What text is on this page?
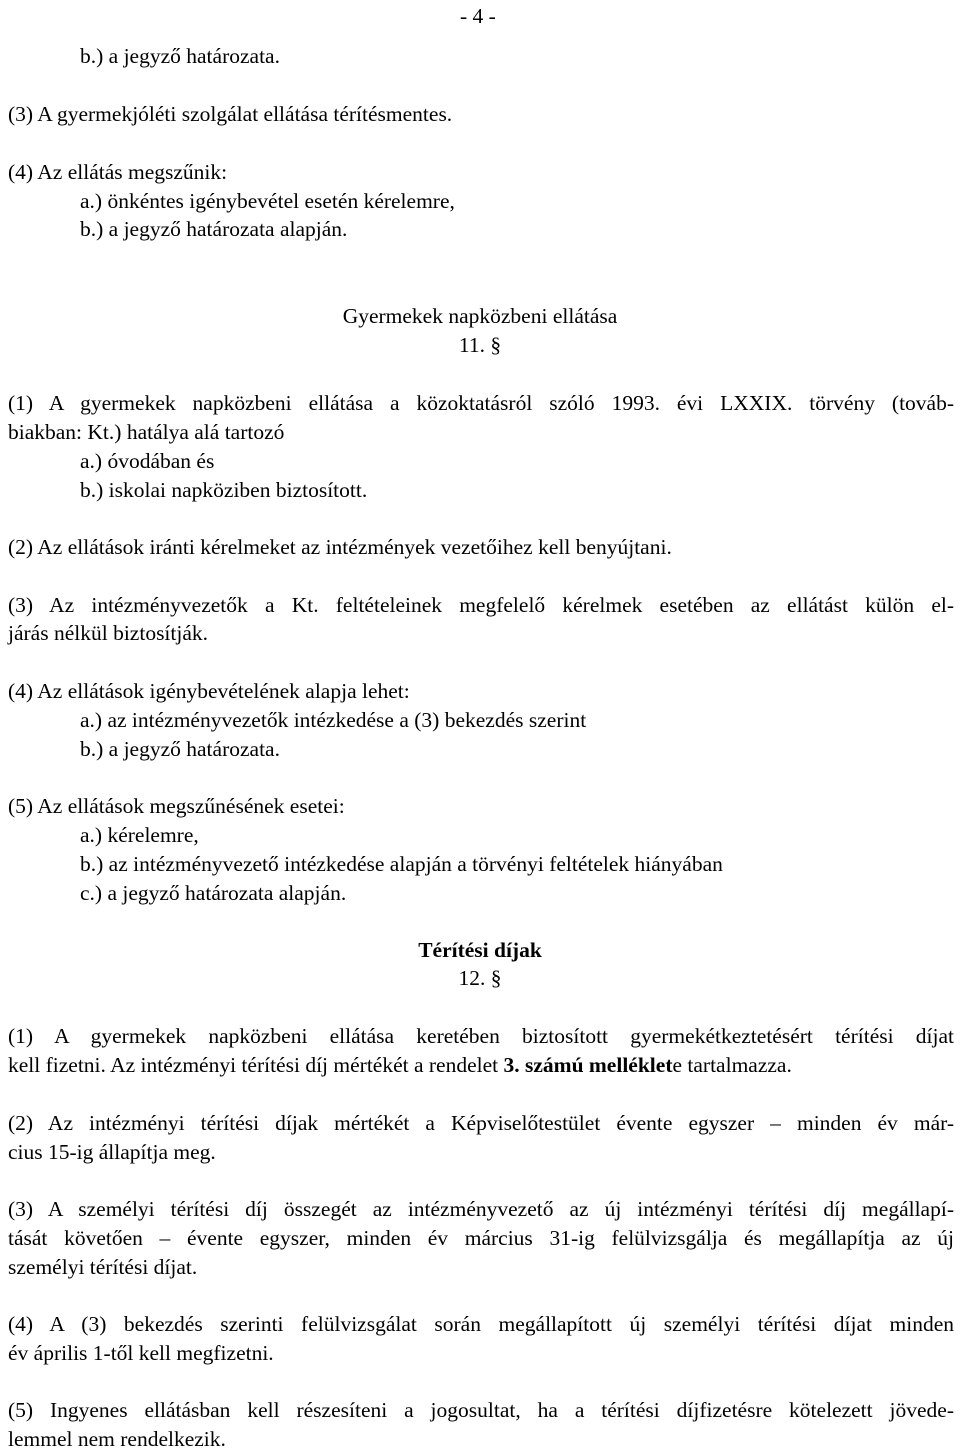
- 4 -
b.) a jegyző határozata.
(3) A gyermekjóléti szolgálat ellátása térítésmentes.
(4) Az ellátás megszűnik:
a.) önkéntes igénybevétel esetén kérelemre,
b.) a jegyző határozata alapján.
Gyermekek napközbeni ellátása
11. §
(1) A gyermekek napközbeni ellátása a közoktatásról szóló 1993. évi LXXIX. törvény (továb-
biakban: Kt.) hatálya alá tartozó
a.) óvodában és
b.) iskolai napköziben biztosított.
(2) Az ellátások iránti kérelmeket az intézmények vezetőihez kell benyújtani.
(3) Az intézményvezetők a Kt. feltételeinek megfelelő kérelmek esetében az ellátást külön el-
járás nélkül biztosítják.
(4) Az ellátások igénybevételének alapja lehet:
a.) az intézményvezetők intézkedése a (3) bekezdés szerint
b.) a jegyző határozata.
(5) Az ellátások megszűnésének esetei:
a.) kérelemre,
b.) az intézményvezető intézkedése alapján a törvényi feltételek hiányában
c.) a jegyző határozata alapján.
Térítési díjak
12. §
(1) A gyermekek napközbeni ellátása keretében biztosított gyermekétkeztetésért térítési díjat
kell fizetni. Az intézményi térítési díj mértékét a rendelet 3. számú melléklete tartalmazza.
(2) Az intézményi térítési díjak mértékét a Képviselőtestület évente egyszer – minden év már-
cius 15-ig állapítja meg.
(3) A személyi térítési díj összegét az intézményvezető az új intézményi térítési díj megállapí-
tását követően – évente egyszer, minden év március 31-ig felülvizsgálja és megállapítja az új
személyi térítési díjat.
(4) A (3) bekezdés szerinti felülvizsgálat során megállapított új személyi térítési díjat minden
év április 1-től kell megfizetni.
(5) Ingyenes ellátásban kell részesíteni a jogosultat, ha a térítési díjfizetésre kötelezett jövede-
lemmel nem rendelkezik.
